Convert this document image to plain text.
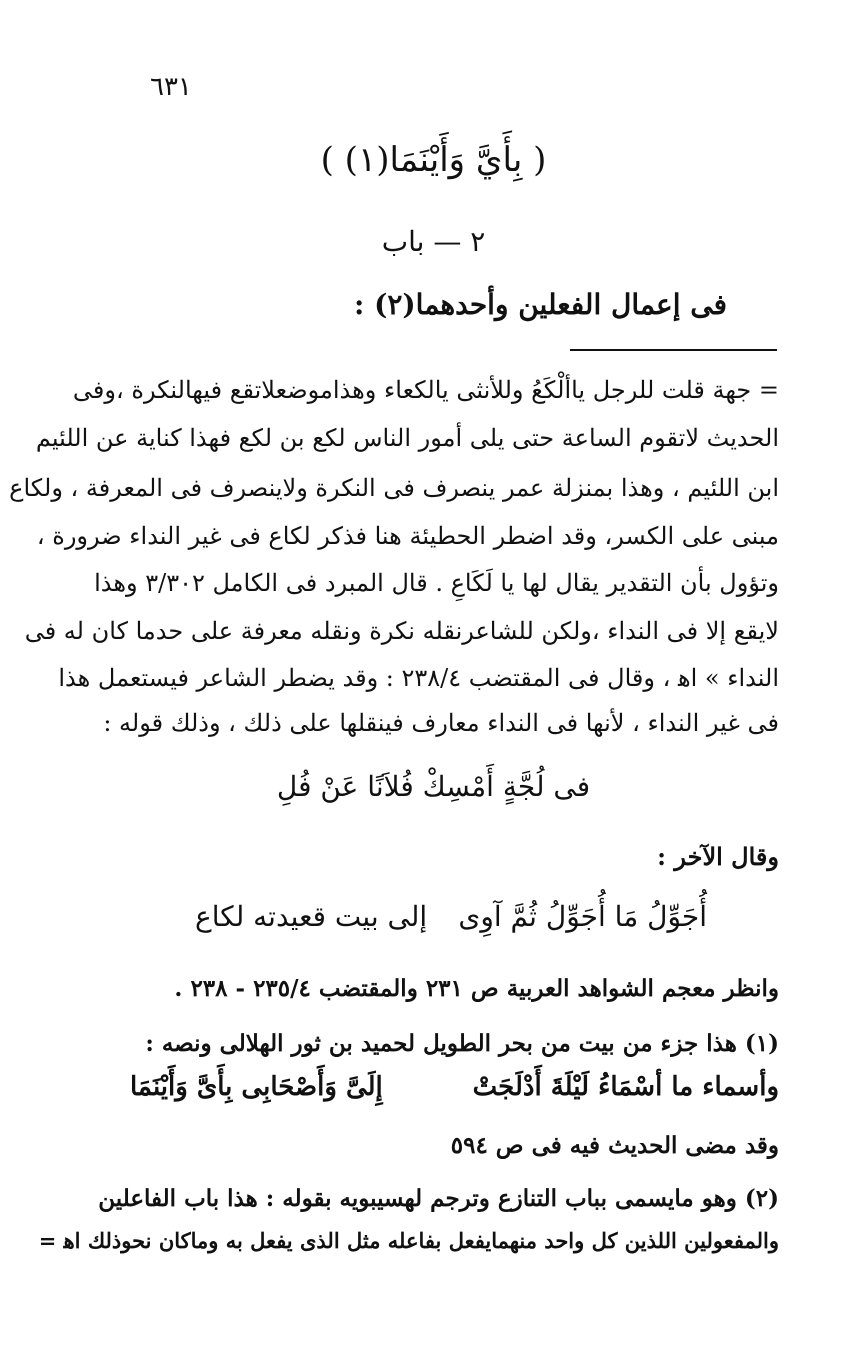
٦٣١
( بِأَيَّ وَأَيْنَمَا(١) )
٢ — باب
فى إعمال الفعلين وأحدهما(٢) :
= جهة قلت للرجل ياألْكَعُ وللأنثى يالكعاء وهذاموضعلاتقع فيهالنكرة ،وفى
الحديث لاتقوم الساعة حتى يلى أمور الناس لكع بن لكع فهذا كناية عن اللئيم
ابن اللئيم ، وهذا بمنزلة عمر ينصرف فى النكرة ولاينصرف فى المعرفة ، ولكاع
مبنى على الكسر، وقد اضطر الحطيئة هنا فذكر لكاع فى غير النداء ضرورة ،
وتؤول بأن التقدير يقال لها يا لَكَاعِ . قال المبرد فى الكامل ٣/٣٠٢ وهذا
لايقع إلا فى النداء ،ولكن للشاعرنقله نكرة ونقله معرفة على حدما كان له فى
النداء » اﻫ ، وقال فى المقتضب ٢٣٨/٤ : وقد يضطر الشاعر فيستعمل هذا
فى غير النداء ، لأنها فى النداء معارف فينقلها على ذلك ، وذلك قوله :
فى لُجَّةٍ أَمْسِكْ فُلاَنًا عَنْ فُلِ
وقال الآخر :
أُجَوِّلُ مَا أُجَوِّلُ ثُمَّ آوِى
إلى بيت قعيدته لكاع
وانظر معجم الشواهد العربية ص ٢٣١ والمقتضب ٢٣٥/٤ - ٢٣٨ .
(١) هذا جزء من بيت من بحر الطويل لحميد بن ثور الهلالى ونصه :
وأسماء ما أسْمَاءُ لَيْلَةَ أَدْلَجَتْ
إِلَىَّ وَأَصْحَابِى بِأَىَّ وَأَيْنَمَا
وقد مضى الحديث فيه فى ص ٥٩٤
(٢) وهو مايسمى بباب التنازع وترجم لهسيبويه بقوله : هذا باب الفاعلين
والمفعولين اللذين كل واحد منهمايفعل بفاعله مثل الذى يفعل به وماكان نحوذلك اﻫ =
